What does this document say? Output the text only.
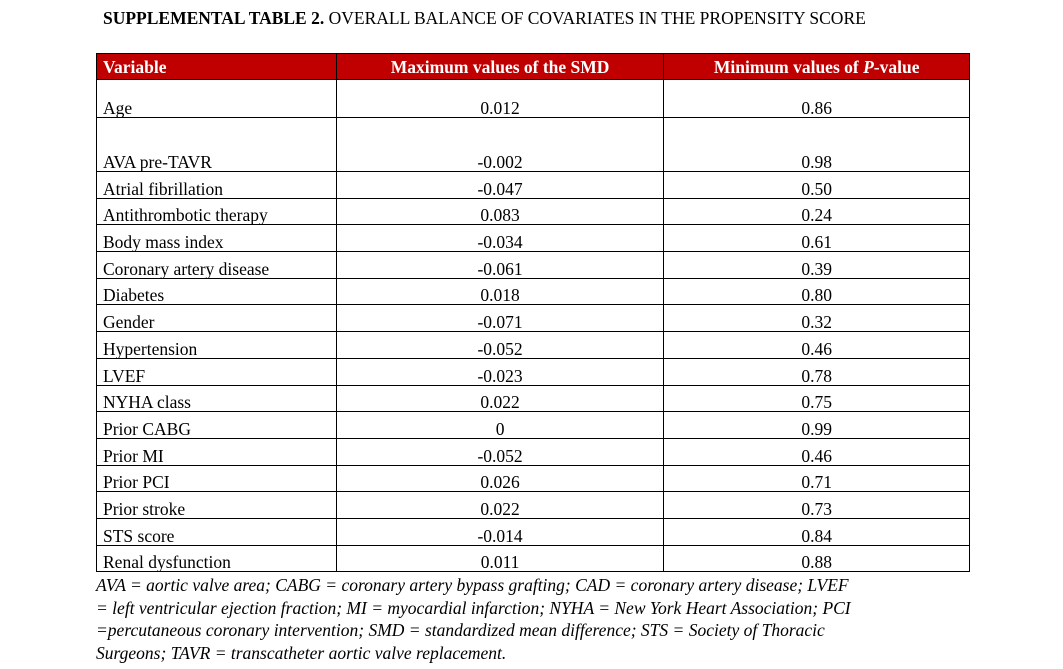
SUPPLEMENTAL TABLE 2. OVERALL BALANCE OF COVARIATES IN THE PROPENSITY SCORE
Variable	Maximum values of the SMD	Minimum values of P-value
Age	0.012	0.86
AVA pre-TAVR	-0.002	0.98
Atrial fibrillation	-0.047	0.50
Antithrombotic therapy	0.083	0.24
Body mass index	-0.034	0.61
Coronary artery disease	-0.061	0.39
Diabetes	0.018	0.80
Gender	-0.071	0.32
Hypertension	-0.052	0.46
LVEF	-0.023	0.78
NYHA class	0.022	0.75
Prior CABG	0	0.99
Prior MI	-0.052	0.46
Prior PCI	0.026	0.71
Prior stroke	0.022	0.73
STS score	-0.014	0.84
Renal dysfunction	0.011	0.88
AVA = aortic valve area; CABG = coronary artery bypass grafting; CAD = coronary artery disease; LVEF
= left ventricular ejection fraction; MI = myocardial infarction; NYHA = New York Heart Association; PCI
=percutaneous coronary intervention; SMD = standardized mean difference; STS = Society of Thoracic
Surgeons; TAVR = transcatheter aortic valve replacement.
